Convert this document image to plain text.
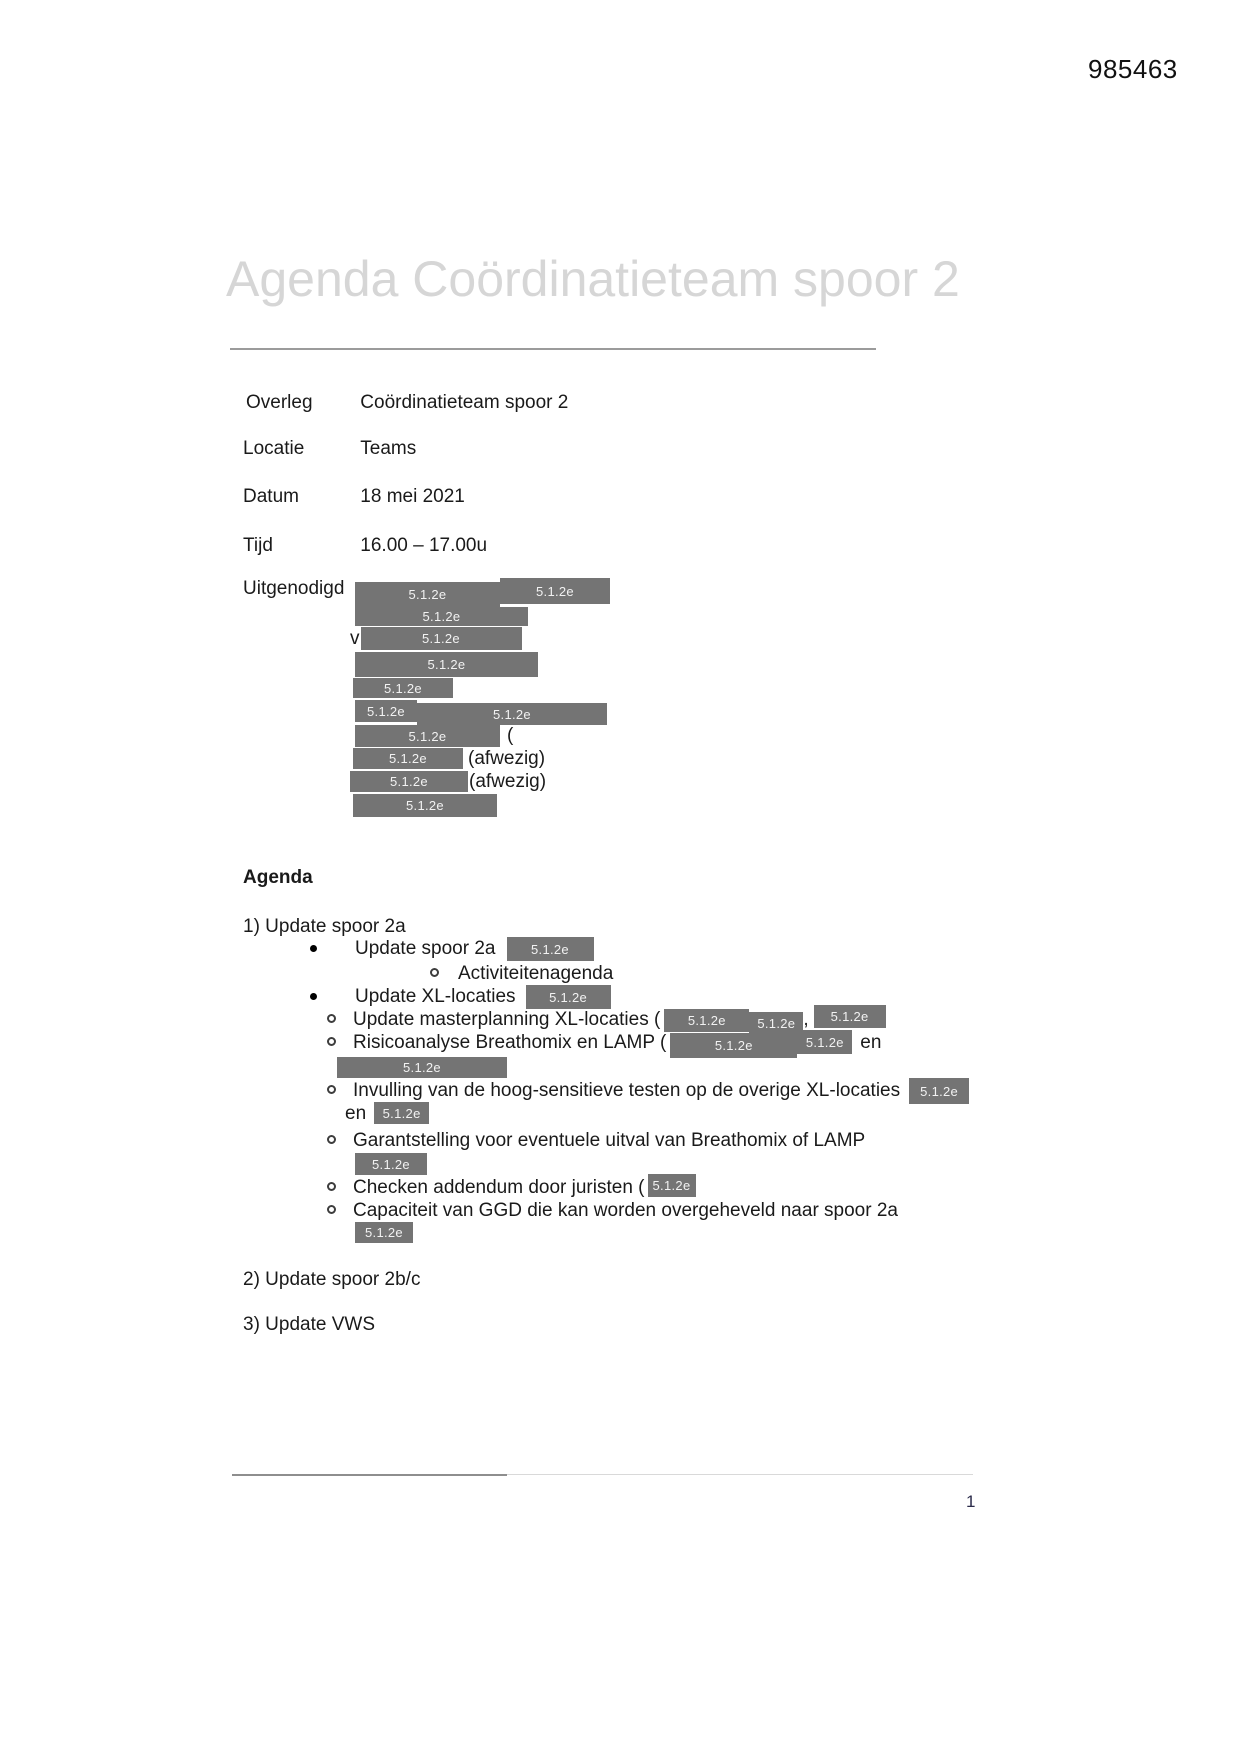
985463
Agenda Coördinatieteam spoor 2
Overleg	Coördinatieteam spoor 2
Locatie	Teams
Datum	18 mei 2021
Tijd	16.00 – 17.00u
Uitgenodigd	5.1.2e	5.1.2e
5.1.2e
v	5.1.2e
5.1.2e
5.1.2e
5.1.2e	5.1.2e
5.1.2e	(
5.1.2e (afwezig)
5.1.2e (afwezig)
5.1.2e
Agenda
1) Update spoor 2a
Update spoor 2a	5.1.2e
Activiteitenagenda
Update XL-locaties	5.1.2e
Update masterplanning XL-locaties ( 5.1.2e 5.1.2e , 5.1.2e
Risicoanalyse Breathomix en LAMP (	5.1.2e	5.1.2e en
5.1.2e
Invulling van de hoog-sensitieve testen op de overige XL-locaties 5.1.2e
en 5.1.2e
Garantstelling voor eventuele uitval van Breathomix of LAMP
5.1.2e
Checken addendum door juristen ( 5.1.2e
Capaciteit van GGD die kan worden overgeheveld naar spoor 2a
5.1.2e
2) Update spoor 2b/c
3) Update VWS
1
